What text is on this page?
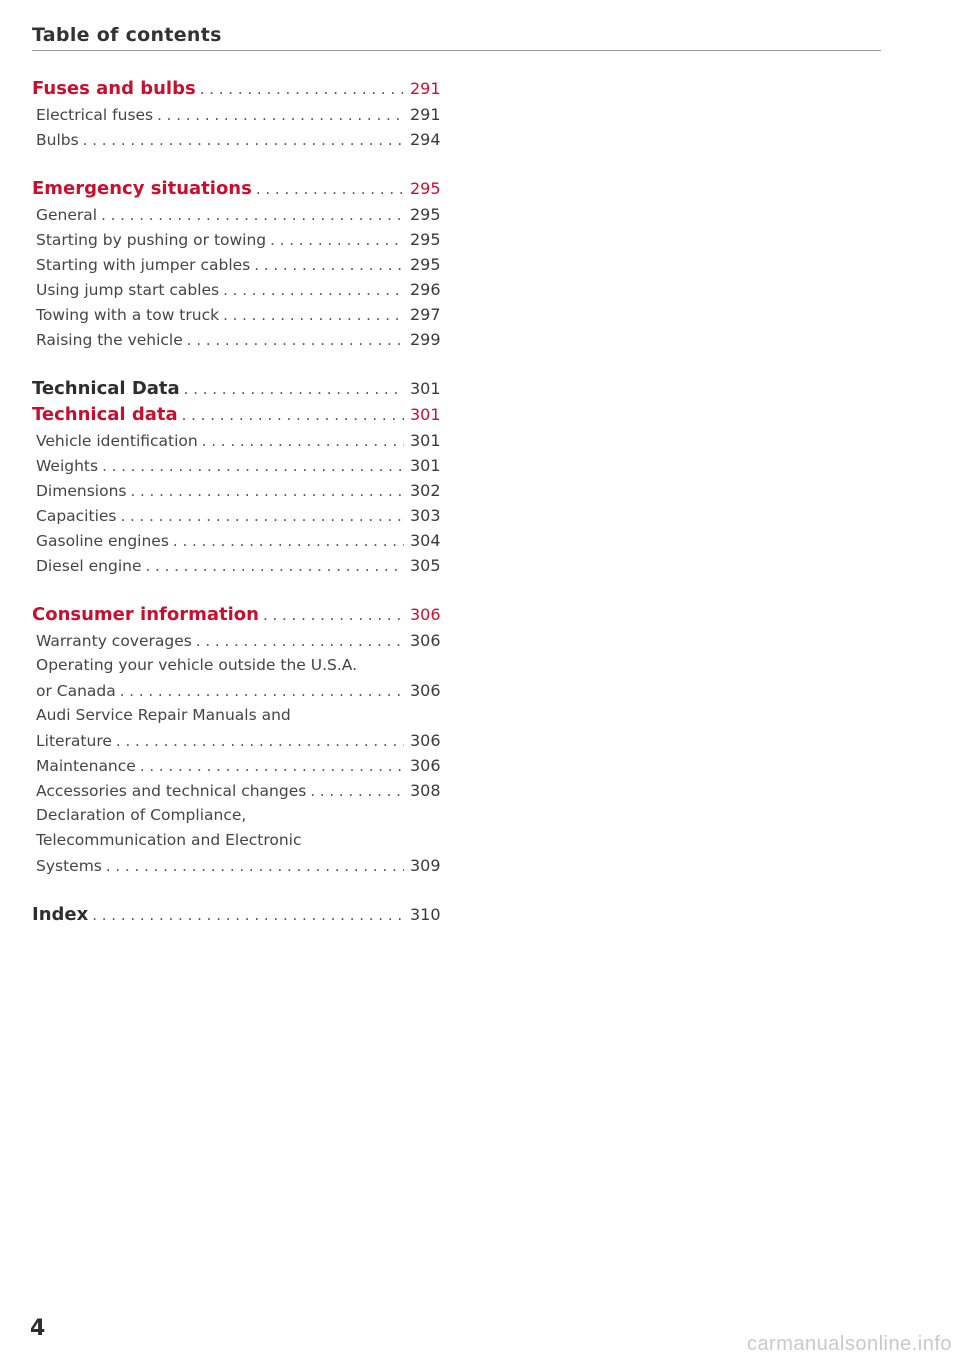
Table of contents
Fuses and bulbs . . .	291
Electrical fuses . . .	291
Bulbs . . .	294
Emergency situations . . .	295
General . . .	295
Starting by pushing or towing . . .	295
Starting with jumper cables . . .	295
Using jump start cables . . .	296
Towing with a tow truck . . .	297
Raising the vehicle . . .	299
Technical Data . . .	301
Technical data . . .	301
Vehicle identification . . .	301
Weights . . .	301
Dimensions . . .	302
Capacities . . .	303
Gasoline engines . . .	304
Diesel engine . . .	305
Consumer information . . .	306
Warranty coverages . . .	306
Operating your vehicle outside the U.S.A.
or Canada . . .	306
Audi Service Repair Manuals and
Literature . . .	306
Maintenance . . .	306
Accessories and technical changes . . .	308
Declaration of Compliance,
Telecommunication and Electronic
Systems . . .	309
Index . . .	310
4
carmanualsonline.info
